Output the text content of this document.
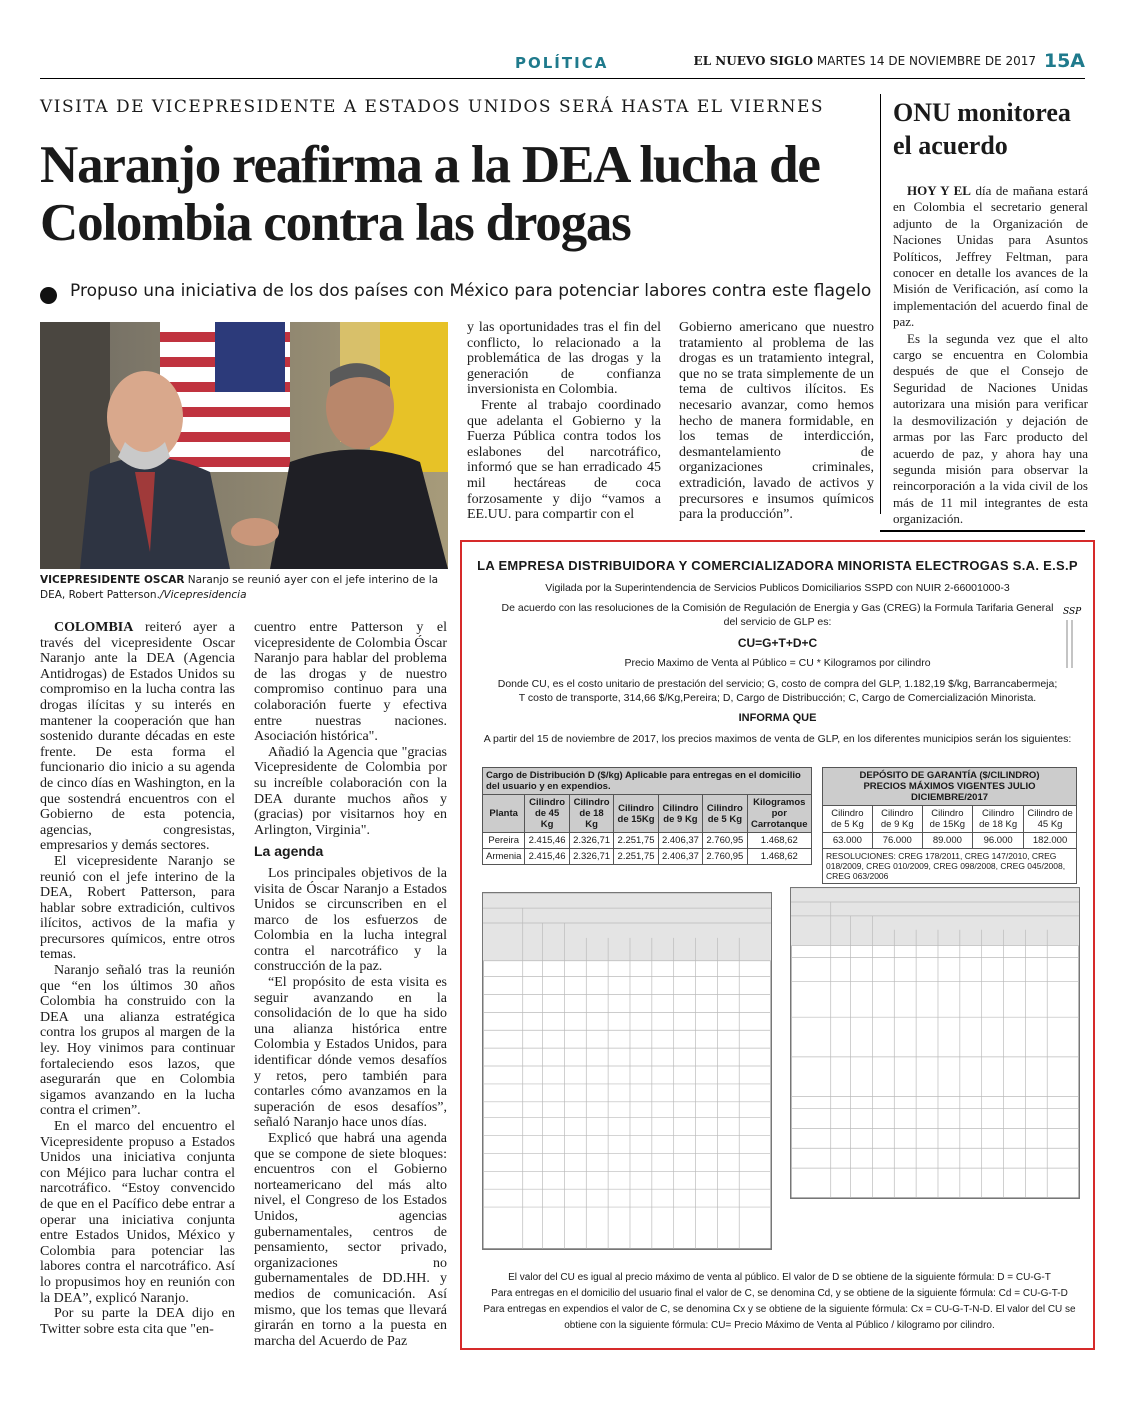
POLÍTICA	EL NUEVO SIGLO MARTES 14 DE NOVIEMBRE DE 2017 15A
VISITA DE VICEPRESIDENTE A ESTADOS UNIDOS SERÁ HASTA EL VIERNES
Naranjo reafirma a la DEA lucha de Colombia contra las drogas
Propuso una iniciativa de los dos países con México para potenciar labores contra este flagelo
ONU monitorea el acuerdo

HOY Y EL día de mañana estará en Colombia el secretario general adjunto de la Organización de Naciones Unidas para Asuntos Políticos, Jeffrey Feltman, para conocer en detalle los avances de la Misión de Verificación, así como la implementación del acuerdo final de paz.

Es la segunda vez que el alto cargo se encuentra en Colombia después de que el Consejo de Seguridad de Naciones Unidas autorizara una misión para verificar la desmovilización y dejación de armas por las Farc producto del acuerdo de paz, y ahora hay una segunda misión para observar la reincorporación a la vida civil de los más de 11 mil integrantes de esta organización.

VICEPRESIDENTE OSCAR Naranjo se reunió ayer con el jefe interino de la DEA, Robert Patterson./Vicepresidencia

COLOMBIA reiteró ayer a través del vicepresidente Oscar Naranjo ante la DEA (Agencia Antidrogas) de Estados Unidos su compromiso en la lucha contra las drogas ilícitas y su interés en mantener la cooperación que han sostenido durante décadas en este frente. De esta forma el funcionario dio inicio a su agenda de cinco días en Washington, en la que sostendrá encuentros con el Gobierno de esta potencia, agencias, congresistas, empresarios y demás sectores.

El vicepresidente Naranjo se reunió con el jefe interino de la DEA, Robert Patterson, para hablar sobre extradición, cultivos ilícitos, activos de la mafia y precursores químicos, entre otros temas.

Naranjo señaló tras la reunión que “en los últimos 30 años Colombia ha construido con la DEA una alianza estratégica contra los grupos al margen de la ley. Hoy vinimos para continuar fortaleciendo esos lazos, que asegurarán que en Colombia sigamos avanzando en la lucha contra el crimen”.

En el marco del encuentro el Vicepresidente propuso a Estados Unidos una iniciativa conjunta con Méjico para luchar contra el narcotráfico. “Estoy convencido de que en el Pacífico debe entrar a operar una iniciativa conjunta entre Estados Unidos, México y Colombia para potenciar las labores contra el narcotráfico. Así lo propusimos hoy en reunión con la DEA”, explicó Naranjo.

Por su parte la DEA dijo en Twitter sobre esta cita que "en-

cuentro entre Patterson y el vicepresidente de Colombia Óscar Naranjo para hablar del problema de las drogas y de nuestro compromiso continuo para una colaboración fuerte y efectiva entre nuestras naciones. Asociación histórica".

Añadió la Agencia que "gracias Vicepresidente de Colombia por su increíble colaboración con la DEA durante muchos años y (gracias) por visitarnos hoy en Arlington, Virginia".

La agenda

Los principales objetivos de la visita de Óscar Naranjo a Estados Unidos se circunscriben en el marco de los esfuerzos de Colombia en la lucha integral contra el narcotráfico y la construcción de la paz.

“El propósito de esta visita es seguir avanzando en la consolidación de lo que ha sido una alianza histórica entre Colombia y Estados Unidos, para identificar dónde vemos desafíos y retos, pero también para contarles cómo avanzamos en la superación de esos desafíos”, señaló Naranjo hace unos días.

Explicó que habrá una agenda que se compone de siete bloques: encuentros con el Gobierno norteamericano del más alto nivel, el Congreso de los Estados Unidos, agencias gubernamentales, centros de pensamiento, sector privado, organizaciones no gubernamentales de DD.HH. y medios de comunicación. Así mismo, que los temas que llevará girarán en torno a la puesta en marcha del Acuerdo de Paz

y las oportunidades tras el fin del conflicto, lo relacionado a la problemática de las drogas y la generación de confianza inversionista en Colombia.

Frente al trabajo coordinado que adelanta el Gobierno y la Fuerza Pública contra todos los eslabones del narcotráfico, informó que se han erradicado 45 mil hectáreas de coca forzosamente y dijo “vamos a EE.UU. para compartir con el

Gobierno americano que nuestro tratamiento al problema de las drogas es un tratamiento integral, que no se trata simplemente de un tema de cultivos ilícitos. Es necesario avanzar, como hemos hecho de manera formidable, en los temas de interdicción, desmantelamiento de organizaciones criminales, extradición, lavado de activos y precursores e insumos químicos para la producción”.

LA EMPRESA DISTRIBUIDORA Y COMERCIALIZADORA MINORISTA ELECTROGAS S.A. E.S.P
Vigilada por la Superintendencia de Servicios Publicos Domiciliarios SSPD con NUIR 2-66001000-3
De acuerdo con las resoluciones de la Comisión de Regulación de Energia y Gas (CREG) la Formula Tarifaria General
del servicio de GLP es:
CU=G+T+D+C
Precio Maximo de Venta al Público = CU * Kilogramos por cilindro
Donde CU, es el costo unitario de prestación del servicio; G, costo de compra del GLP, 1.182,19 $/kg, Barrancabermeja;
T costo de transporte, 314,66 $/Kg,Pereira; D, Cargo de Distribucción; C, Cargo de Comercialización Minorista.
INFORMA QUE
A partir del 15 de noviembre de 2017, los precios maximos de venta de GLP, en los diferentes municipios serán los siguientes:
SSP
Cargo de Distribución D ($/kg) Aplicable para entregas en el domicilio del usuario y en expendios.						
Planta	Cilindro de 45 Kg	Cilindro de 18 Kg	Cilindro de 15Kg	Cilindro de 9 Kg	Cilindro de 5 Kg	Kilogramos por Carrotanque
Pereira	2.415,46	2.326,71	2.251,75	2.406,37	2.760,95	1.468,62
Armenia	2.415,46	2.326,71	2.251,75	2.406,37	2.760,95	1.468,62
DEPÓSITO DE GARANTÍA ($/CILINDRO)
PRECIOS MÁXIMOS VIGENTES JULIO DICIEMBRE/2017				
Cilindro de 5 Kg	Cilindro de 9 Kg	Cilindro de 15Kg	Cilindro de 18 Kg	Cilindro de 45 Kg
63.000	76.000	89.000	96.000	182.000
RESOLUCIONES: CREG 178/2011, CREG 147/2010, CREG 018/2009, CREG 010/2009, CREG 098/2008, CREG 045/2008, CREG 063/2006				
El valor del CU es igual al precio máximo de venta al público. El valor de D se obtiene de la siguiente fórmula: D = CU-G-T
Para entregas en el domicilio del usuario final el valor de C, se denomina Cd, y se obtiene de la siguiente fórmula: Cd = CU-G-T-D
Para entregas en expendios el valor de C, se denomina Cx y se obtiene de la siguiente fórmula: Cx = CU-G-T-N-D. El valor del CU se
obtiene con la siguiente fórmula: CU= Precio Máximo de Venta al Público / kilogramo por cilindro.
